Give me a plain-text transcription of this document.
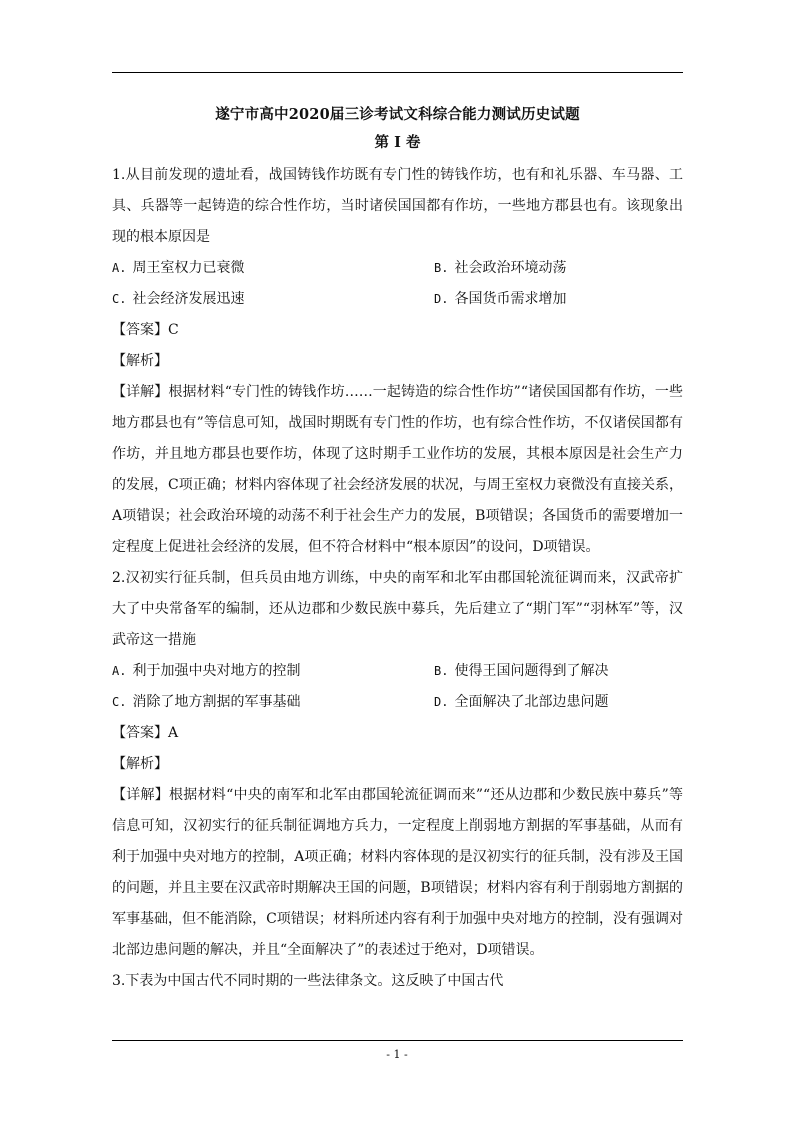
遂宁市高中2020届三诊考试文科综合能力测试历史试题
第 Ⅰ 卷

1.从目前发现的遗址看，战国铸钱作坊既有专门性的铸钱作坊，也有和礼乐器、车马器、工具、兵器等一起铸造的综合性作坊，当时诸侯国国都有作坊，一些地方郡县也有。该现象出现的根本原因是

A. 周王室权力已衰微	B. 社会政治环境动荡
C. 社会经济发展迅速	D. 各国货币需求增加
【答案】C
【解析】

【详解】根据材料“专门性的铸钱作坊……一起铸造的综合性作坊”“诸侯国国都有作坊，一些地方郡县也有”等信息可知，战国时期既有专门性的作坊，也有综合性作坊，不仅诸侯国都有作坊，并且地方郡县也要作坊，体现了这时期手工业作坊的发展，其根本原因是社会生产力的发展，C项正确；材料内容体现了社会经济发展的状况，与周王室权力衰微没有直接关系，A项错误；社会政治环境的动荡不利于社会生产力的发展，B项错误；各国货币的需要增加一定程度上促进社会经济的发展，但不符合材料中“根本原因”的设问，D项错误。

2.汉初实行征兵制，但兵员由地方训练，中央的南军和北军由郡国轮流征调而来，汉武帝扩大了中央常备军的编制，还从边郡和少数民族中募兵，先后建立了“期门军”“羽林军”等，汉武帝这一措施

A. 利于加强中央对地方的控制	B. 使得王国问题得到了解决
C. 消除了地方割据的军事基础	D. 全面解决了北部边患问题
【答案】A
【解析】

【详解】根据材料“中央的南军和北军由郡国轮流征调而来”“还从边郡和少数民族中募兵”等信息可知，汉初实行的征兵制征调地方兵力，一定程度上削弱地方割据的军事基础，从而有利于加强中央对地方的控制，A项正确；材料内容体现的是汉初实行的征兵制，没有涉及王国的问题，并且主要在汉武帝时期解决王国的问题，B项错误；材料内容有利于削弱地方割据的军事基础，但不能消除，C项错误；材料所述内容有利于加强中央对地方的控制，没有强调对北部边患问题的解决，并且“全面解决了”的表述过于绝对，D项错误。

3.下表为中国古代不同时期的一些法律条文。这反映了中国古代

- 1 -
